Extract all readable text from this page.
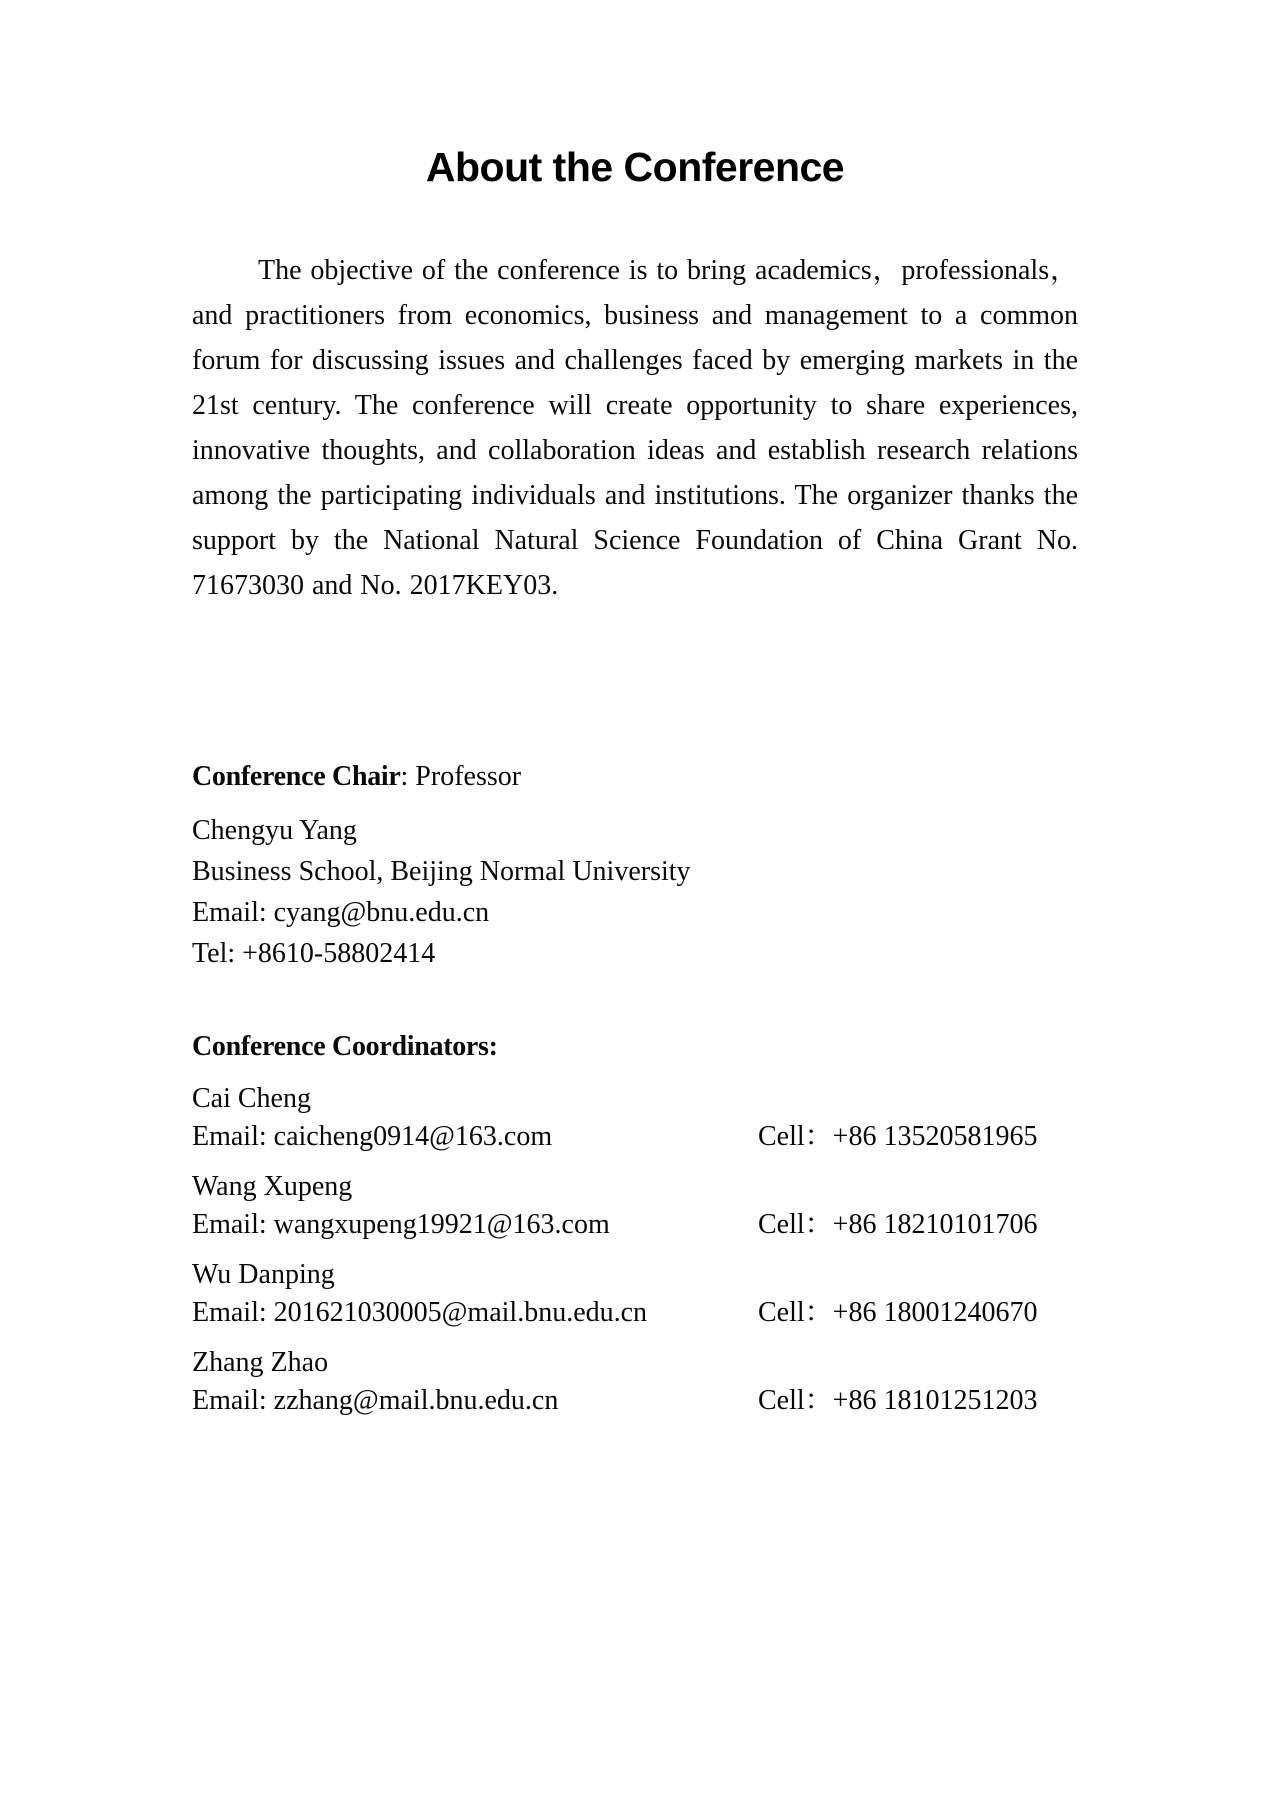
About the Conference

The objective of the conference is to bring academics，professionals，and practitioners from economics, business and management to a common forum for discussing issues and challenges faced by emerging markets in the 21st century. The conference will create opportunity to share experiences, innovative thoughts, and collaboration ideas and establish research relations among the participating individuals and institutions. The organizer thanks the support by the National Natural Science Foundation of China Grant No. 71673030 and No. 2017KEY03.

Conference Chair: Professor
Chengyu Yang
Business School, Beijing Normal University
Email: cyang@bnu.edu.cn
Tel: +8610-58802414
Conference Coordinators:
Cai Cheng
Email: caicheng0914@163.com	Cell：+86 13520581965
Wang Xupeng
Email: wangxupeng19921@163.com	Cell：+86 18210101706
Wu Danping
Email: 201621030005@mail.bnu.edu.cn	Cell：+86 18001240670
Zhang Zhao
Email: zzhang@mail.bnu.edu.cn	Cell：+86 18101251203
